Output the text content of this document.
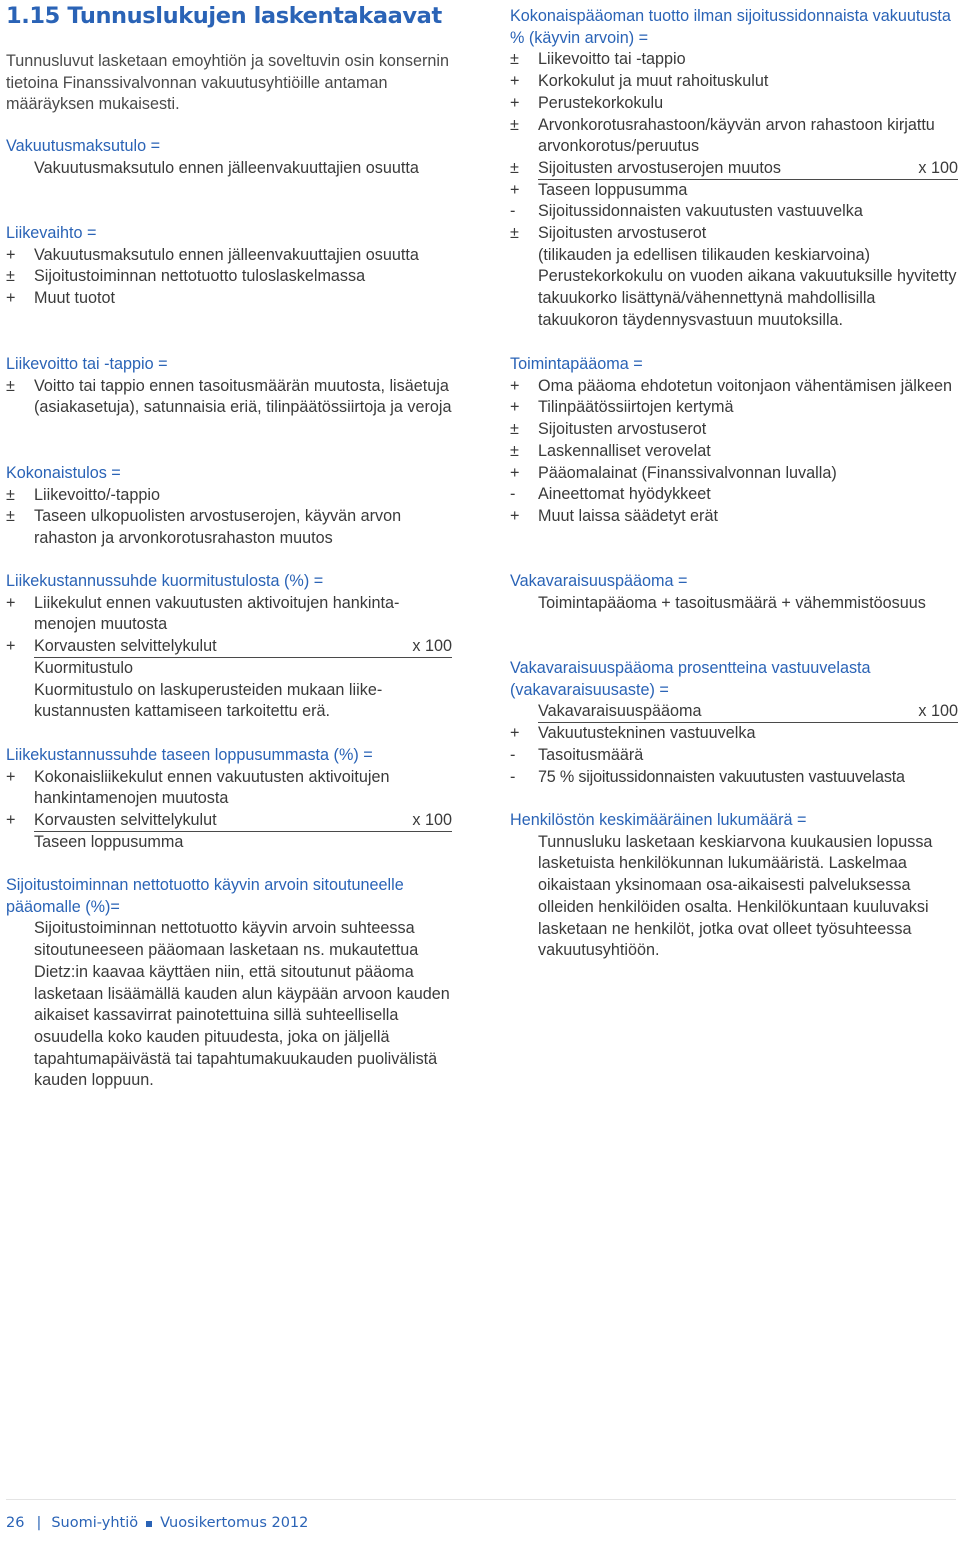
1.15 Tunnuslukujen laskentakaavat
Tunnusluvut lasketaan emoyhtiön ja soveltuvin osin konsernin tietoina Finanssivalvonnan vakuutusyhtiöille antaman määräyksen mukaisesti.
Vakuutusmaksutulo =
Vakuutusmaksutulo ennen jälleenvakuuttajien osuutta
Liikevaihto =
+	Vakuutusmaksutulo ennen jälleenvakuuttajien osuutta
±	Sijoitustoiminnan nettotuotto tuloslaskelmassa
+	Muut tuotot
Liikevoitto tai -tappio =
±	Voitto tai tappio ennen tasoitusmäärän muutosta, lisäetuja (asiakasetuja), satunnaisia eriä, tilinpäätössiirtoja ja veroja
Kokonaistulos =
±	Liikevoitto/-tappio
±	Taseen ulkopuolisten arvostuserojen, käyvän arvon rahaston ja arvonkorotusrahaston muutos
Liikekustannussuhde kuormitustulosta (%) =
+	Liikekulut ennen vakuutusten aktivoitujen hankintamenojen muutosta
+	Korvausten selvittelykulut	x 100
Kuormitustulo
Kuormitustulo on laskuperusteiden mukaan liikekustannusten kattamiseen tarkoitettu erä.
Liikekustannussuhde taseen loppusummasta (%) =
+	Kokonaisliikekulut ennen vakuutusten aktivoitujen hankintamenojen muutosta
+	Korvausten selvittelykulut	x 100
Taseen loppusumma
Sijoitustoiminnan nettotuotto käyvin arvoin sitoutuneelle pääomalle (%)=
Sijoitustoiminnan nettotuotto käyvin arvoin suhteessa sitoutuneeseen pääomaan lasketaan ns. mukautettua Dietz:in kaavaa käyttäen niin, että sitoutunut pääoma lasketaan lisäämällä kauden alun käypään arvoon kauden aikaiset kassavirrat painotettuina sillä suhteellisella osuudella koko kauden pituudesta, joka on jäljellä tapahtumapäivästä tai tapahtumakuukauden puolivälistä kauden loppuun.
Kokonaispääoman tuotto ilman sijoitussidonnaista vakuutusta % (käyvin arvoin) =
±	Liikevoitto tai -tappio
+	Korkokulut ja muut rahoituskulut
+	Perustekorkokulu
±	Arvonkorotusrahastoon/käyvän arvon rahastoon kirjattu arvonkorotus/peruutus
±	Sijoitusten arvostuserojen muutos	x 100
+	Taseen loppusumma
-	Sijoitussidonnaisten vakuutusten vastuuvelka
±	Sijoitusten arvostuserot
(tilikauden ja edellisen tilikauden keskiarvoina)
Perustekorkokulu on vuoden aikana vakuutuksille hyvitetty takuukorko lisättynä/vähennettynä mahdollisilla takuukoron täydennysvastuun muutoksilla.
Toimintapääoma =
+	Oma pääoma ehdotetun voitonjaon vähentämisen jälkeen
+	Tilinpäätössiirtojen kertymä
±	Sijoitusten arvostuserot
±	Laskennalliset verovelat
+	Pääomalainat (Finanssivalvonnan luvalla)
-	Aineettomat hyödykkeet
+	Muut laissa säädetyt erät
Vakavaraisuuspääoma =
Toimintapääoma + tasoitusmäärä + vähemmistöosuus
Vakavaraisuuspääoma prosentteina vastuuvelasta (vakavaraisuusaste) =
Vakavaraisuuspääoma	x 100
+	Vakuutustekninen vastuuvelka
-	Tasoitusmäärä
-	75 % sijoitussidonnaisten vakuutusten vastuuvelasta
Henkilöstön keskimääräinen lukumäärä =
Tunnusluku lasketaan keskiarvona kuukausien lopussa lasketuista henkilökunnan lukumääristä. Laskelmaa oikaistaan yksinomaan osa-aikaisesti palveluksessa olleiden henkilöiden osalta. Henkilökuntaan kuuluvaksi lasketaan ne henkilöt, jotka ovat olleet työsuhteessa vakuutusyhtiöön.
26 | Suomi-yhtiö Vuosikertomus 2012
